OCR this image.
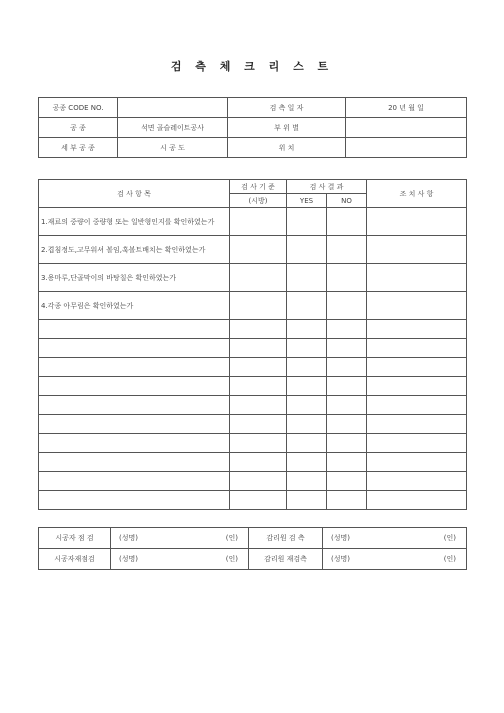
검 측 체 크 리 스 트
공종 CODE NO.		검 측 일 자	20 년 월 일
공 종	석면 골슬레이트공사	부 위 별	
세 부 공 종	시 공 도	위 치	
검 사 항 목	검 사 기 준	검 사 결 과		조 치 사 항
	(시방)	YES	NO	
1.재료의 중량이 중량형 또는 일반형인지를 확인하였는가				
2.겹침정도,고무워셔 볼임,훅볼트배치는 확인하였는가				
3.용마루,단골막이의 바탕칠은 확인하였는가				
4.각종 아무림은 확인하였는가				

시공자 점 검	(성명)	(인)	감리원 검 측	(성명)	(인)
시공자재점검	(성명)	(인)	감리원 재검측	(성명)	(인)
